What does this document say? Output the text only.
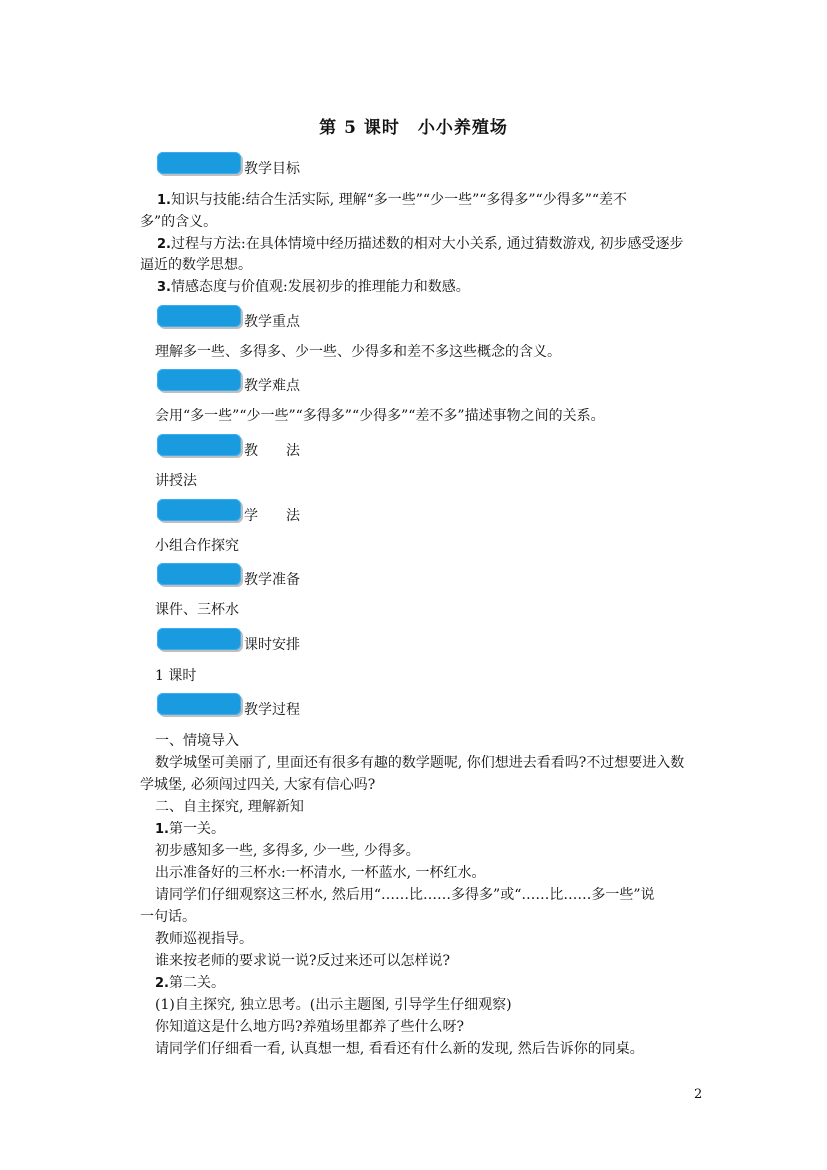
第 5 课时　小小养殖场
教学目标
1.知识与技能:结合生活实际, 理解“多一些”“少一些”“多得多”“少得多”“差不
多”的含义。
2.过程与方法:在具体情境中经历描述数的相对大小关系, 通过猜数游戏, 初步感受逐步
逼近的数学思想。
3.情感态度与价值观:发展初步的推理能力和数感。
教学重点
理解多一些、多得多、少一些、少得多和差不多这些概念的含义。
教学难点
会用“多一些”“少一些”“多得多”“少得多”“差不多”描述事物之间的关系。
教　　法
讲授法
学　　法
小组合作探究
教学准备
课件、三杯水
课时安排
1 课时
教学过程
一、情境导入
数学城堡可美丽了, 里面还有很多有趣的数学题呢, 你们想进去看看吗?不过想要进入数
学城堡, 必须闯过四关, 大家有信心吗?
二、自主探究, 理解新知
1.第一关。
初步感知多一些, 多得多, 少一些, 少得多。
出示准备好的三杯水:一杯清水, 一杯蓝水, 一杯红水。
请同学们仔细观察这三杯水, 然后用“……比……多得多”或“……比……多一些”说
一句话。
教师巡视指导。
谁来按老师的要求说一说?反过来还可以怎样说?
2.第二关。
(1)自主探究, 独立思考。(出示主题图, 引导学生仔细观察)
你知道这是什么地方吗?养殖场里都养了些什么呀?
请同学们仔细看一看, 认真想一想, 看看还有什么新的发现, 然后告诉你的同桌。
2
